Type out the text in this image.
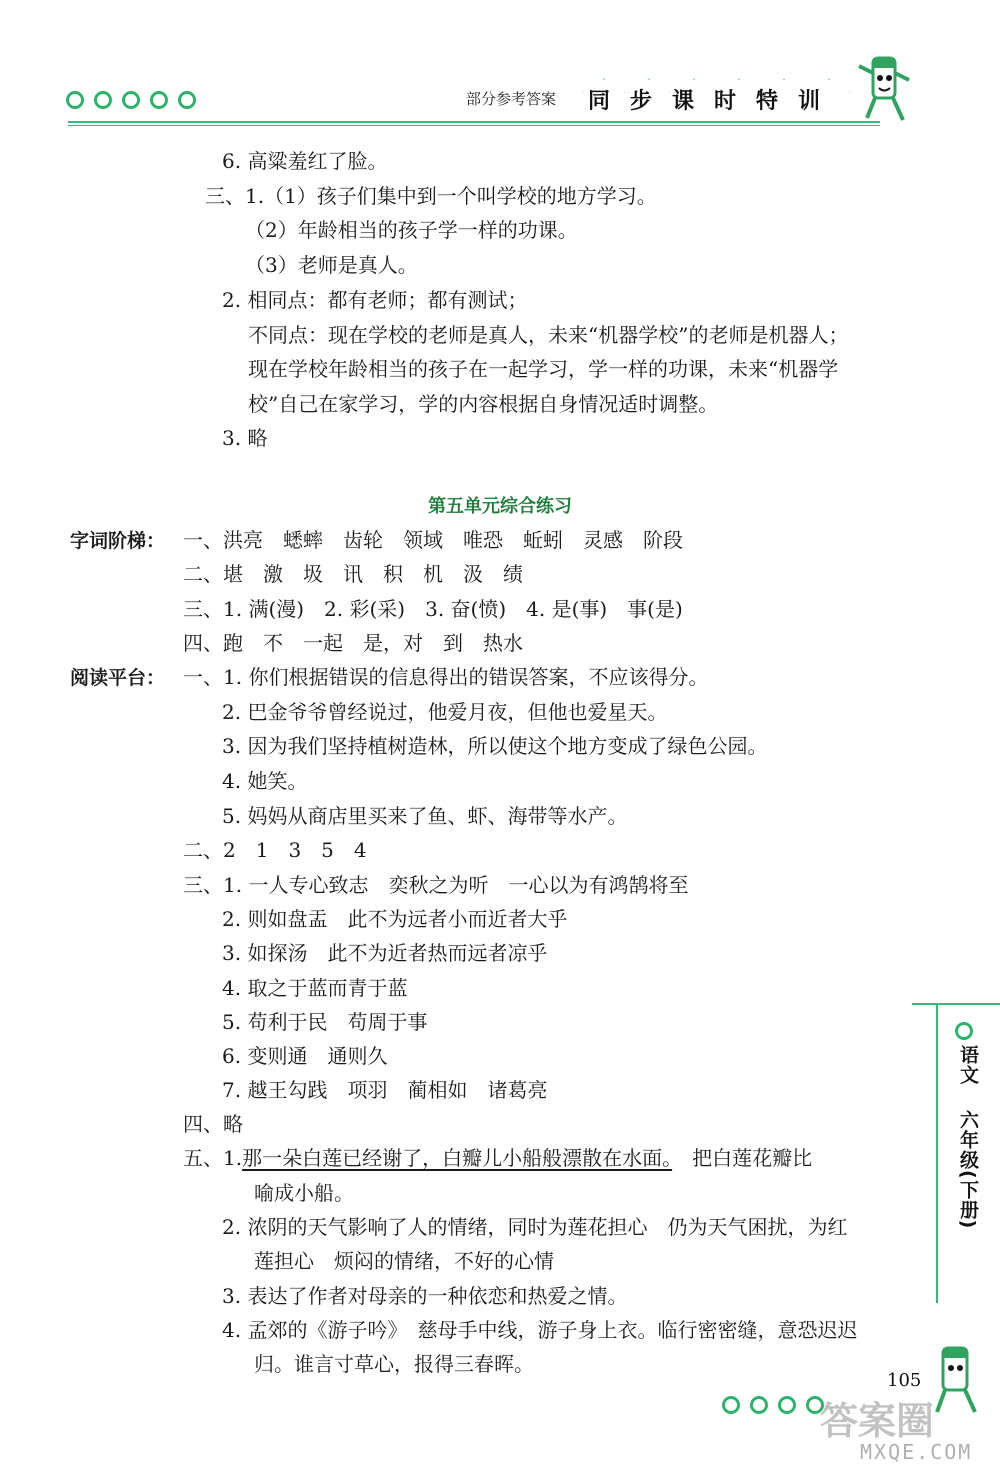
部分参考答案 同步课时特训
6. 高粱羞红了脸。
三、1.（1）孩子们集中到一个叫学校的地方学习。
（2）年龄相当的孩子学一样的功课。
（3）老师是真人。
2. 相同点：都有老师；都有测试；
不同点：现在学校的老师是真人，未来“机器学校”的老师是机器人；
现在学校年龄相当的孩子在一起学习，学一样的功课，未来“机器学
校”自己在家学习，学的内容根据自身情况适时调整。
3. 略
第五单元综合练习
字词阶梯： 一、洪亮　蟋蟀　齿轮　领域　唯恐　蚯蚓　灵感　阶段
二、堪　激　圾　讯　积　机　汲　绩
三、1. 满(漫)　2. 彩(采)　3. 奋(愤)　4. 是(事)　事(是)
四、跑　不　一起　是，对　到　热水
阅读平台： 一、1. 你们根据错误的信息得出的错误答案，不应该得分。
2. 巴金爷爷曾经说过，他爱月夜，但他也爱星天。
3. 因为我们坚持植树造林，所以使这个地方变成了绿色公园。
4. 她笑。
5. 妈妈从商店里买来了鱼、虾、海带等水产。
二、2　1　3　5　4
三、1. 一人专心致志　奕秋之为听　一心以为有鸿鹄将至
2. 则如盘盂　此不为远者小而近者大乎
3. 如探汤　此不为近者热而远者凉乎
4. 取之于蓝而青于蓝
5. 苟利于民　苟周于事
6. 变则通　通则久
7. 越王勾践　项羽　蔺相如　诸葛亮
四、略
五、1.那一朵白莲已经谢了，白瓣儿小船般漂散在水面。　把白莲花瓣比
喻成小船。
2. 浓阴的天气影响了人的情绪，同时为莲花担心　仍为天气困扰，为红
莲担心　烦闷的情绪，不好的心情
3. 表达了作者对母亲的一种依恋和热爱之情。
4. 孟郊的《游子吟》　慈母手中线，游子身上衣。临行密密缝，意恐迟迟
归。谁言寸草心，报得三春晖。
语文
六年级(下册)
105
答案圈
MXQE.COM
